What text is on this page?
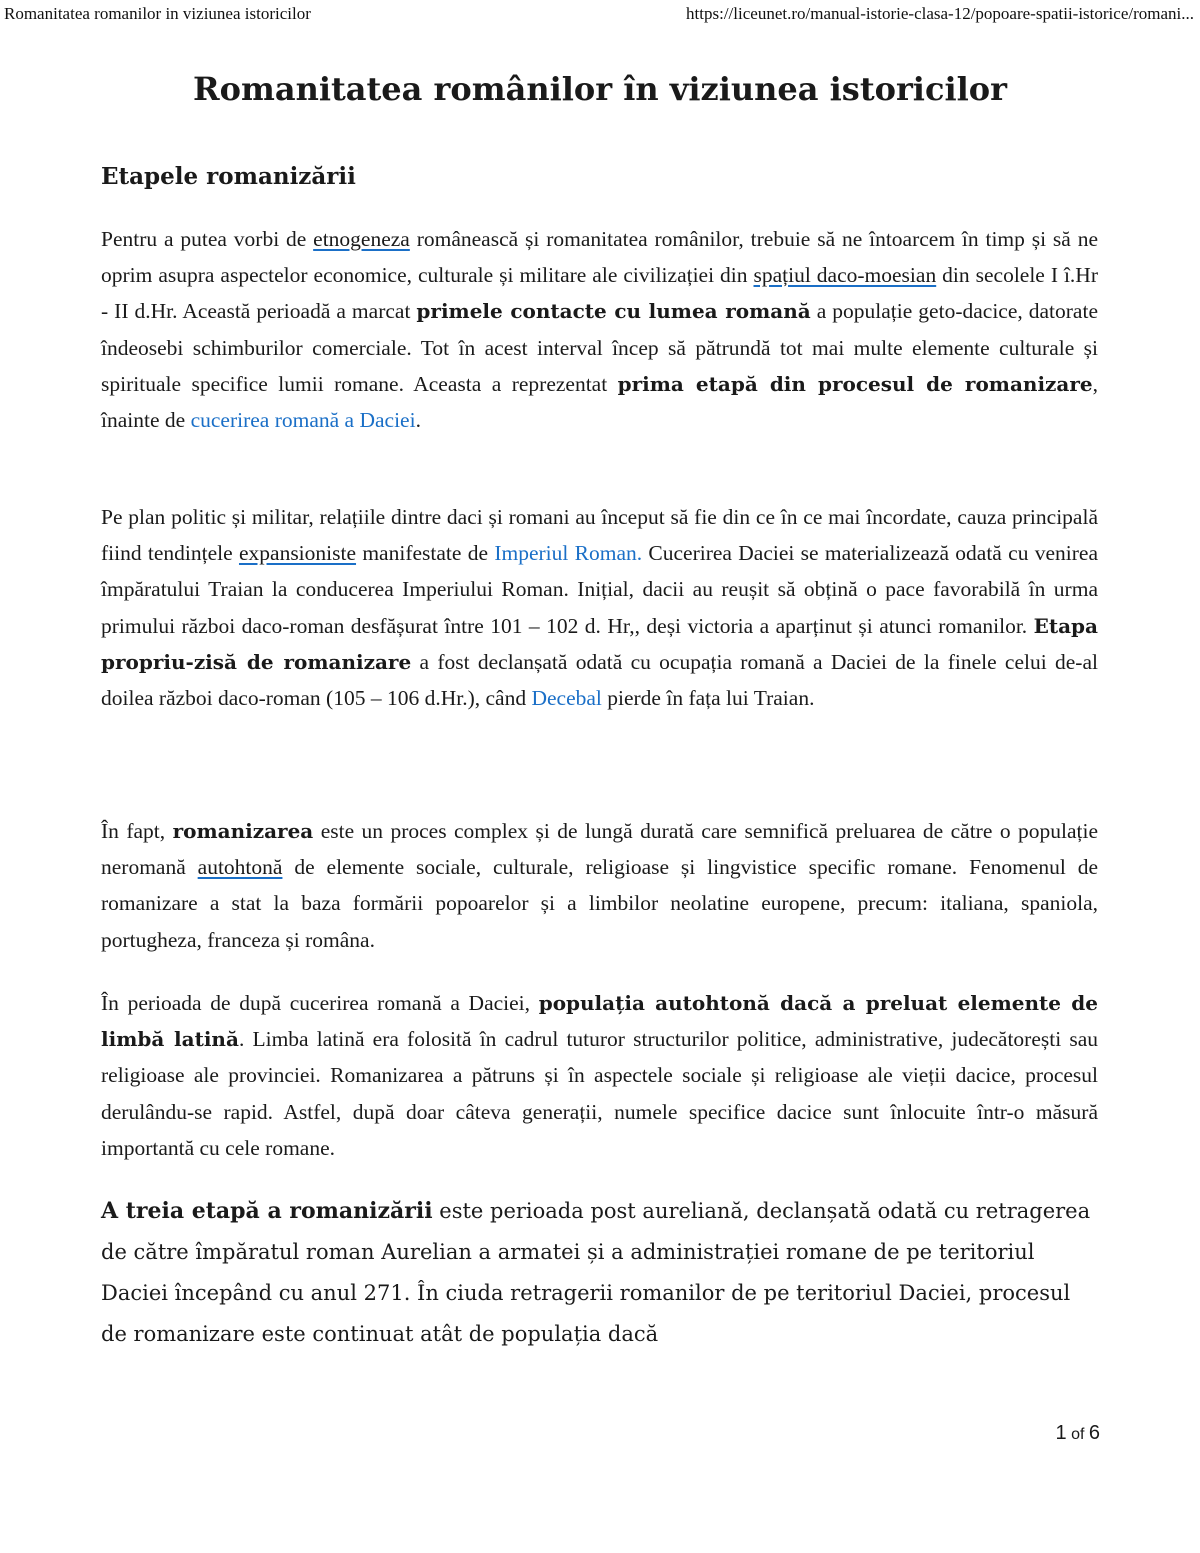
Romanitatea romanilor in viziunea istoricilor	https://liceunet.ro/manual-istorie-clasa-12/popoare-spatii-istorice/romani...
Romanitatea românilor în viziunea istoricilor
Etapele romanizării

Pentru a putea vorbi de etnogeneza românească și romanitatea românilor, trebuie să ne întoarcem în timp și să ne oprim asupra aspectelor economice, culturale și militare ale civilizației din spațiul daco-moesian din secolele I î.Hr - II d.Hr. Această perioadă a marcat primele contacte cu lumea romană a populație geto-dacice, datorate îndeosebi schimburilor comerciale. Tot în acest interval încep să pătrundă tot mai multe elemente culturale și spirituale specifice lumii romane. Aceasta a reprezentat prima etapă din procesul de romanizare, înainte de cucerirea romană a Daciei.

Pe plan politic și militar, relațiile dintre daci și romani au început să fie din ce în ce mai încordate, cauza principală fiind tendințele expansioniste manifestate de Imperiul Roman. Cucerirea Daciei se materializează odată cu venirea împăratului Traian la conducerea Imperiului Roman. Inițial, dacii au reușit să obțină o pace favorabilă în urma primului război daco-roman desfășurat între 101 – 102 d. Hr,, deși victoria a aparținut și atunci romanilor. Etapa propriu-zisă de romanizare a fost declanșată odată cu ocupația romană a Daciei de la finele celui de-al doilea război daco-roman (105 – 106 d.Hr.), când Decebal pierde în fața lui Traian.

În fapt, romanizarea este un proces complex și de lungă durată care semnifică preluarea de către o populație neromană autohtonă de elemente sociale, culturale, religioase și lingvistice specific romane. Fenomenul de romanizare a stat la baza formării popoarelor și a limbilor neolatine europene, precum: italiana, spaniola, portugheza, franceza și româna.

În perioada de după cucerirea romană a Daciei, populația autohtonă dacă a preluat elemente de limbă latină. Limba latină era folosită în cadrul tuturor structurilor politice, administrative, judecătorești sau religioase ale provinciei. Romanizarea a pătruns și în aspectele sociale și religioase ale vieții dacice, procesul derulându-se rapid. Astfel, după doar câteva generații, numele specifice dacice sunt înlocuite într-o măsură importantă cu cele romane.

A treia etapă a romanizării este perioada post aureliană, declanșată odată cu retragerea de către împăratul roman Aurelian a armatei și a administrației romane de pe teritoriul Daciei începând cu anul 271. În ciuda retragerii romanilor de pe teritoriul Daciei, procesul de romanizare este continuat atât de populația dacă

1 of 6
